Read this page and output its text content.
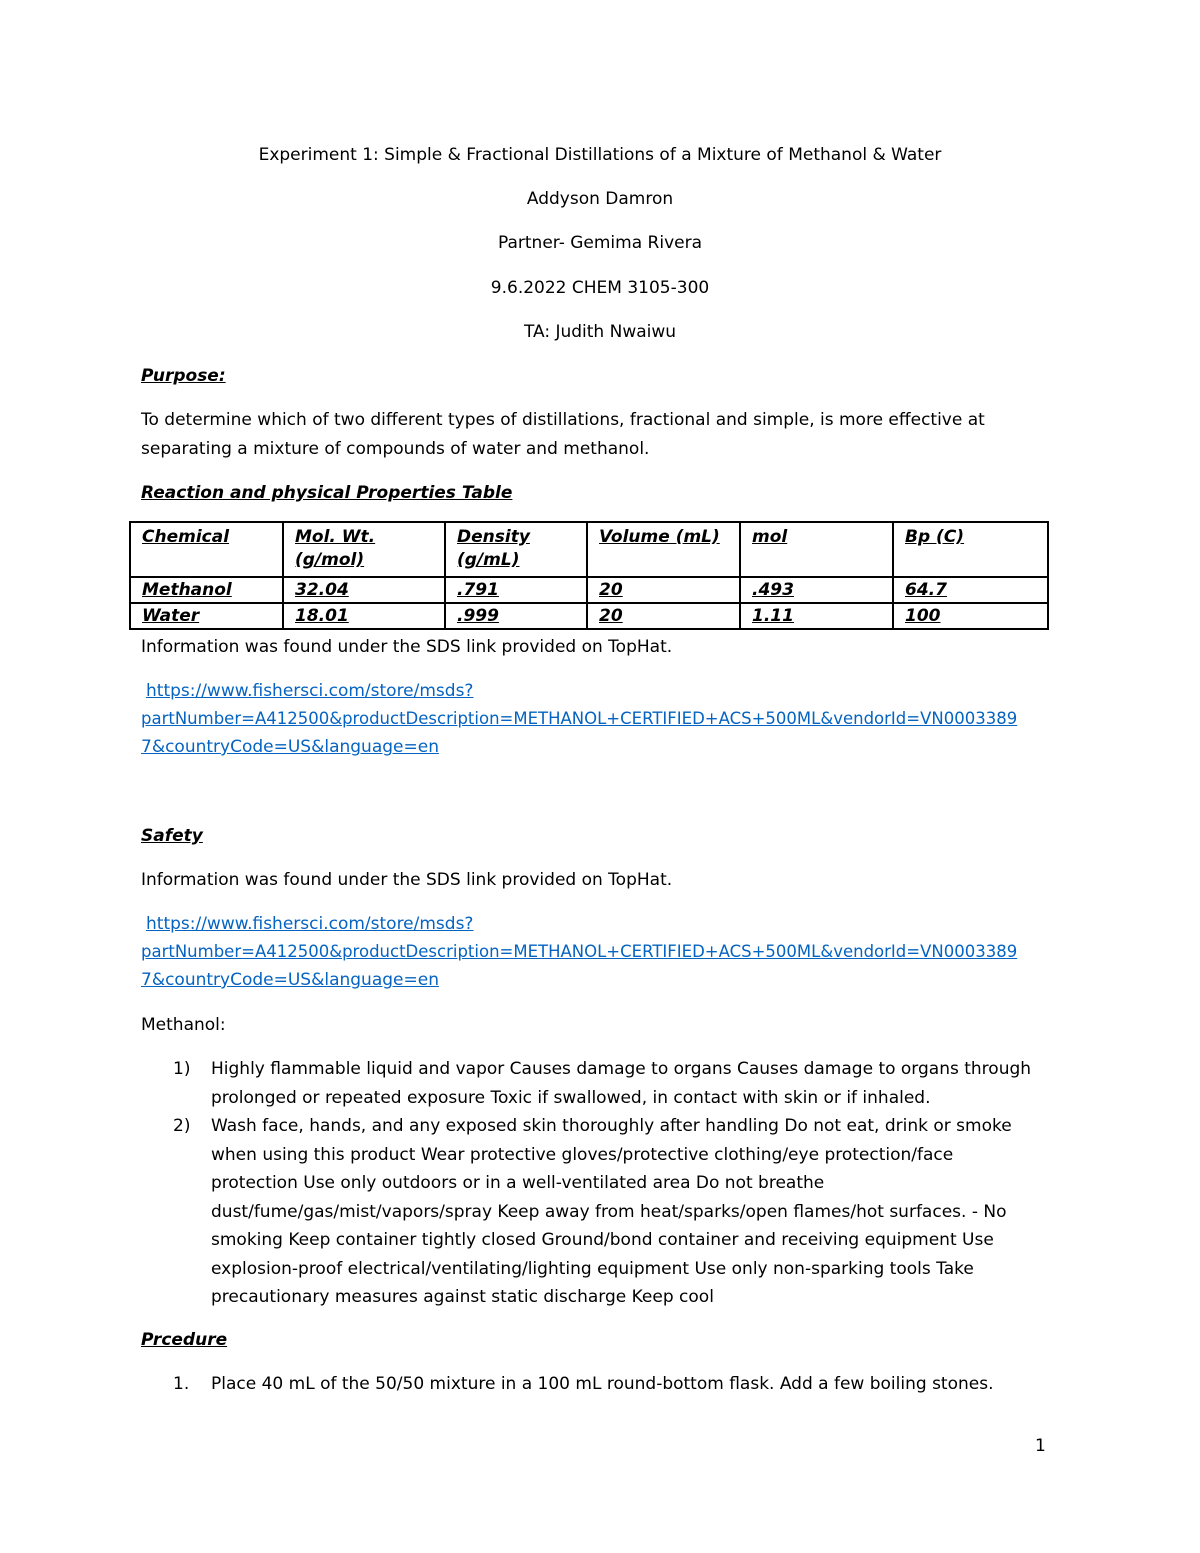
Experiment 1: Simple & Fractional Distillations of a Mixture of Methanol & Water
Addyson Damron
Partner- Gemima Rivera
9.6.2022 CHEM 3105-300
TA: Judith Nwaiwu
Purpose:
To determine which of two different types of distillations, fractional and simple, is more effective at separating a mixture of compounds of water and methanol.
Reaction and physical Properties Table
Chemical	Mol. Wt. (g/mol)	Density (g/mL)	Volume (mL)	mol	Bp (C)
Methanol	32.04	.791	20	.493	64.7
Water	18.01	.999	20	1.11	100
Information was found under the SDS link provided on TopHat.
https://www.fishersci.com/store/msds?
partNumber=A412500&productDescription=METHANOL+CERTIFIED+ACS+500ML&vendorId=VN0003389
7&countryCode=US&language=en
Safety
Information was found under the SDS link provided on TopHat.
https://www.fishersci.com/store/msds?
partNumber=A412500&productDescription=METHANOL+CERTIFIED+ACS+500ML&vendorId=VN0003389
7&countryCode=US&language=en
Methanol:
1) Highly flammable liquid and vapor Causes damage to organs Causes damage to organs through prolonged or repeated exposure Toxic if swallowed, in contact with skin or if inhaled.
2) Wash face, hands, and any exposed skin thoroughly after handling Do not eat, drink or smoke when using this product Wear protective gloves/protective clothing/eye protection/face protection Use only outdoors or in a well-ventilated area Do not breathe dust/fume/gas/mist/vapors/spray Keep away from heat/sparks/open flames/hot surfaces. - No smoking Keep container tightly closed Ground/bond container and receiving equipment Use explosion-proof electrical/ventilating/lighting equipment Use only non-sparking tools Take precautionary measures against static discharge Keep cool
Prcedure
1. Place 40 mL of the 50/50 mixture in a 100 mL round-bottom flask. Add a few boiling stones.
1
